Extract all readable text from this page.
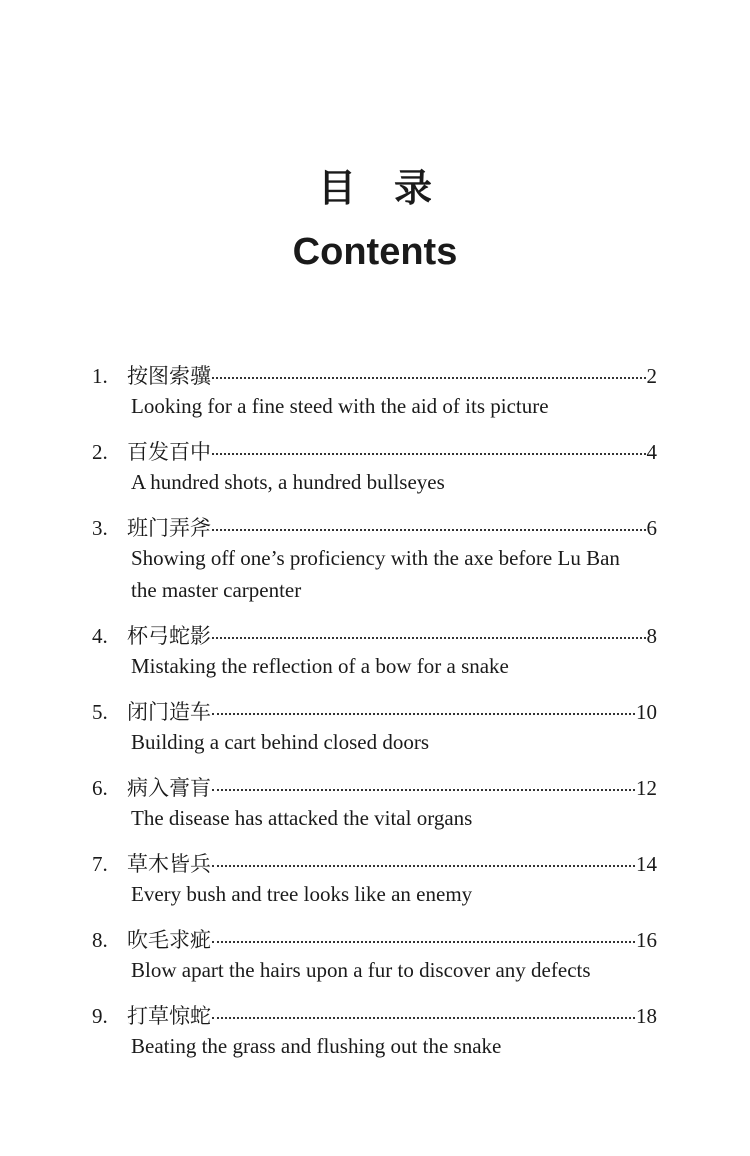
目录
Contents
1. 按图索骥	2
Looking for a fine steed with the aid of its picture
2. 百发百中	4
A hundred shots, a hundred bullseyes
3. 班门弄斧	6
Showing off one’s proficiency with the axe before Lu Ban the master carpenter
4. 杯弓蛇影	8
Mistaking the reflection of a bow for a snake
5. 闭门造车	10
Building a cart behind closed doors
6. 病入膏肓	12
The disease has attacked the vital organs
7. 草木皆兵	14
Every bush and tree looks like an enemy
8. 吹毛求疵	16
Blow apart the hairs upon a fur to discover any defects
9. 打草惊蛇	18
Beating the grass and flushing out the snake
